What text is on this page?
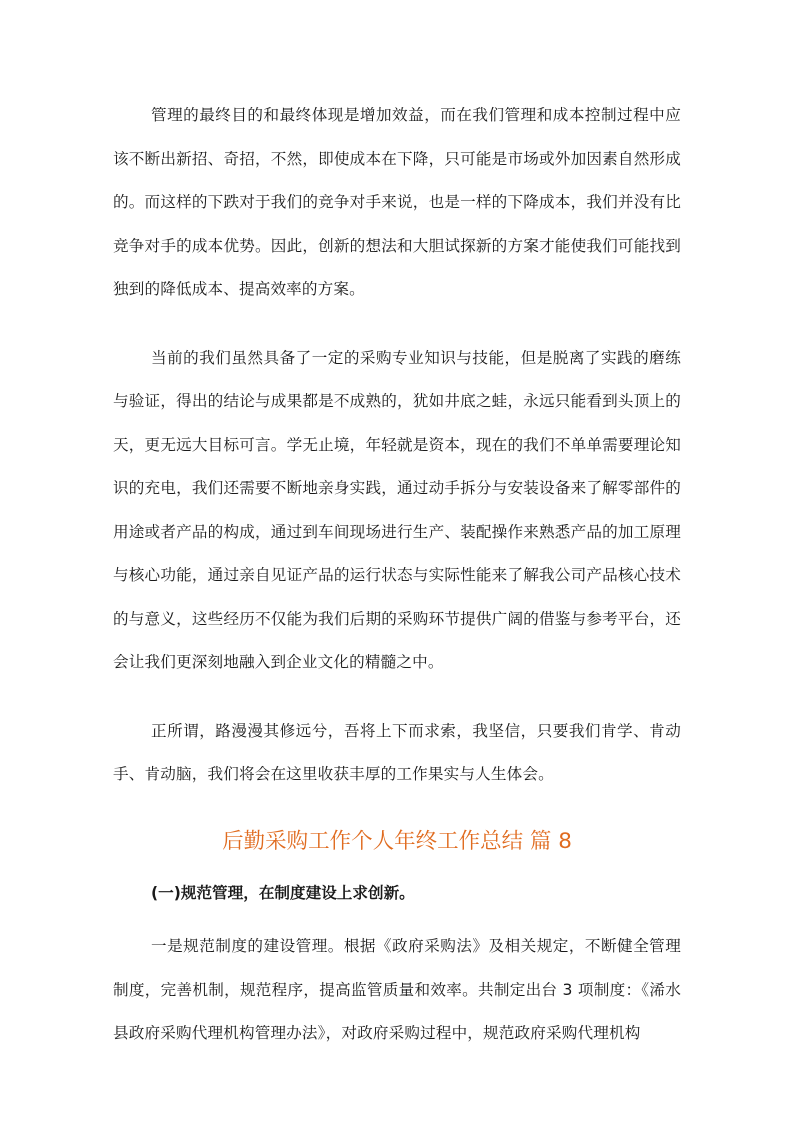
管理的最终目的和最终体现是增加效益，而在我们管理和成本控制过程中应该不断出新招、奇招，不然，即使成本在下降，只可能是市场或外加因素自然形成的。而这样的下跌对于我们的竞争对手来说，也是一样的下降成本，我们并没有比竞争对手的成本优势。因此，创新的想法和大胆试探新的方案才能使我们可能找到独到的降低成本、提高效率的方案。

当前的我们虽然具备了一定的采购专业知识与技能，但是脱离了实践的磨练与验证，得出的结论与成果都是不成熟的，犹如井底之蛙，永远只能看到头顶上的天，更无远大目标可言。学无止境，年轻就是资本，现在的我们不单单需要理论知识的充电，我们还需要不断地亲身实践，通过动手拆分与安装设备来了解零部件的用途或者产品的构成，通过到车间现场进行生产、装配操作来熟悉产品的加工原理与核心功能，通过亲自见证产品的运行状态与实际性能来了解我公司产品核心技术的与意义，这些经历不仅能为我们后期的采购环节提供广阔的借鉴与参考平台，还会让我们更深刻地融入到企业文化的精髓之中。

正所谓，路漫漫其修远兮，吾将上下而求索，我坚信，只要我们肯学、肯动手、肯动脑，我们将会在这里收获丰厚的工作果实与人生体会。

后勤采购工作个人年终工作总结 篇 8

(一)规范管理，在制度建设上求创新。

一是规范制度的建设管理。根据《政府采购法》及相关规定，不断健全管理制度，完善机制，规范程序，提高监管质量和效率。共制定出台 3 项制度：《浠水县政府采购代理机构管理办法》，对政府采购过程中，规范政府采购代理机构
